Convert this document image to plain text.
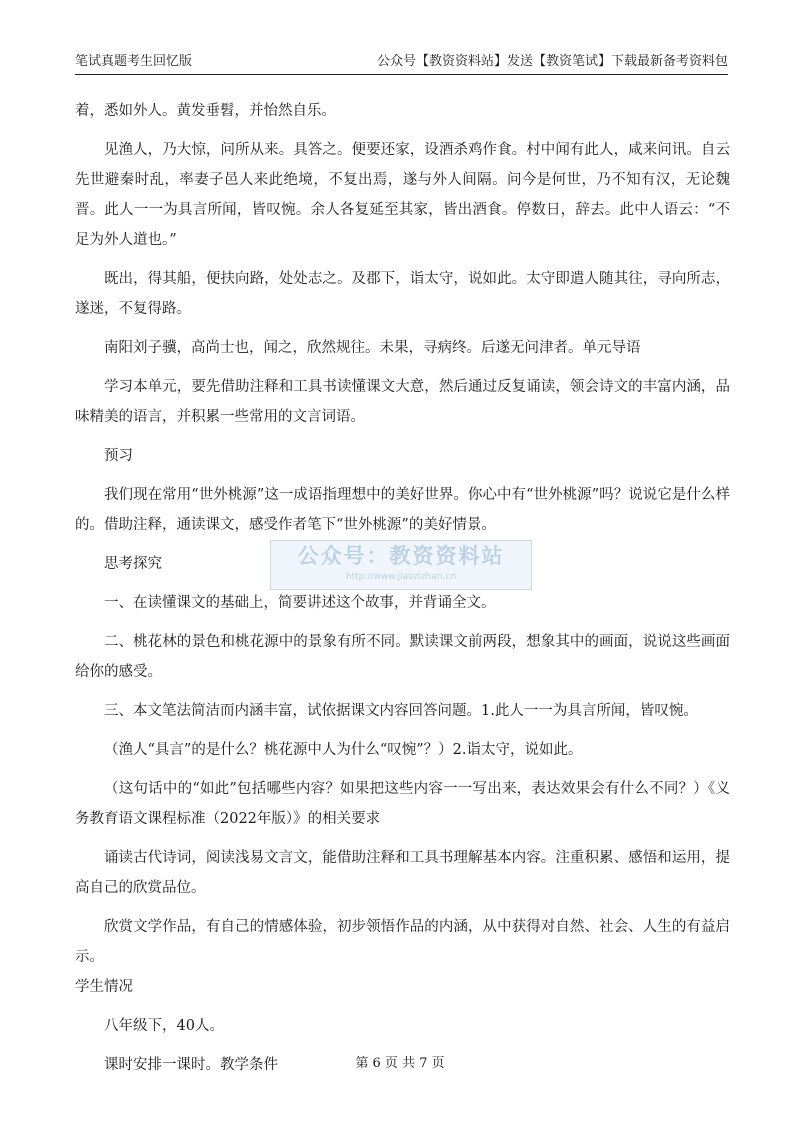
笔试真题考生回忆版	公众号【教资资料站】发送【教资笔试】下载最新备考资料包

着，悉如外人。黄发垂髫，并怡然自乐。

见渔人，乃大惊，问所从来。具答之。便要还家，设酒杀鸡作食。村中闻有此人，咸来问讯。自云先世避秦时乱，率妻子邑人来此绝境，不复出焉，遂与外人间隔。问今是何世，乃不知有汉，无论魏晋。此人一一为具言所闻，皆叹惋。余人各复延至其家，皆出酒食。停数日，辞去。此中人语云：“不足为外人道也。”

既出，得其船，便扶向路，处处志之。及郡下，诣太守，说如此。太守即遣人随其往，寻向所志，遂迷，不复得路。

南阳刘子骥，高尚士也，闻之，欣然规往。未果，寻病终。后遂无问津者。单元导语

学习本单元，要先借助注释和工具书读懂课文大意，然后通过反复诵读，领会诗文的丰富内涵，品味精美的语言，并积累一些常用的文言词语。

预习

我们现在常用“世外桃源”这一成语指理想中的美好世界。你心中有“世外桃源”吗？说说它是什么样的。借助注释，通读课文，感受作者笔下“世外桃源”的美好情景。

思考探究

一、在读懂课文的基础上，简要讲述这个故事，并背诵全文。

二、桃花林的景色和桃花源中的景象有所不同。默读课文前两段，想象其中的画面，说说这些画面给你的感受。

三、本文笔法简洁而内涵丰富，试依据课文内容回答问题。1.此人一一为具言所闻，皆叹惋。

（渔人“具言”的是什么？桃花源中人为什么“叹惋”？）2.诣太守，说如此。

（这句话中的“如此”包括哪些内容？如果把这些内容一一写出来，表达效果会有什么不同？）《义务教育语文课程标准（2022年版）》的相关要求

诵读古代诗词，阅读浅易文言文，能借助注释和工具书理解基本内容。注重积累、感悟和运用，提高自己的欣赏品位。

欣赏文学作品，有自己的情感体验，初步领悟作品的内涵，从中获得对自然、社会、人生的有益启示。

学生情况

八年级下，40人。

课时安排一课时。教学条件

公众号：教资资料站
http://www.jiaozizhan.cn
第 6 页 共 7 页
